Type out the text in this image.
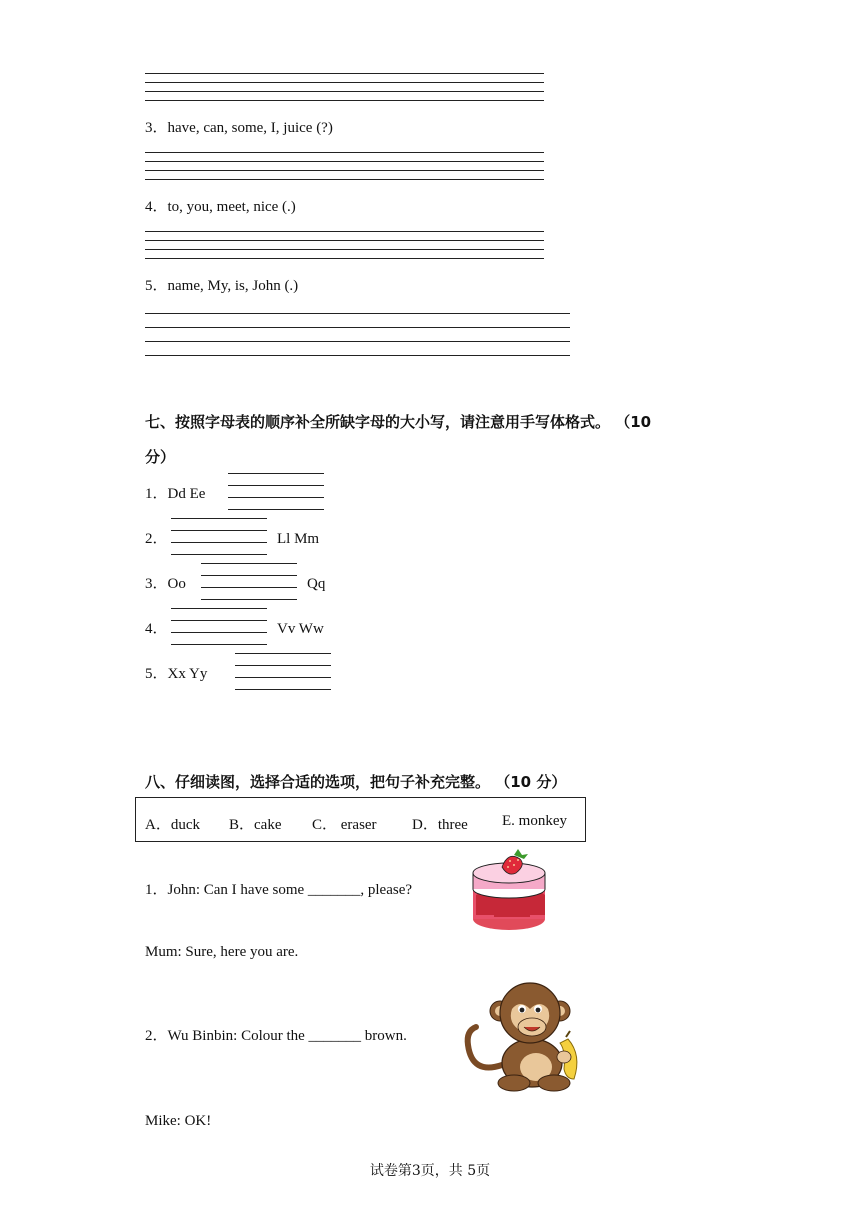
3．have, can, some, I, juice (?)
4．to, you, meet, nice (.)
5．name, My, is, John (.)
七、按照字母表的顺序补全所缺字母的大小写，请注意用手写体格式。 （10
分）
1．Dd Ee
2．	Ll Mm
3．Oo	Qq
4．	Vv Ww
5．Xx Yy
八、仔细读图，选择合适的选项，把句子补充完整。 （10 分）
A．duck B．cake C． eraser D．three E. monkey
1．John: Can I have some _______, please?
Mum: Sure, here you are.
2．Wu Binbin: Colour the _______ brown.
Mike: OK!
试卷第3页，共 5页
